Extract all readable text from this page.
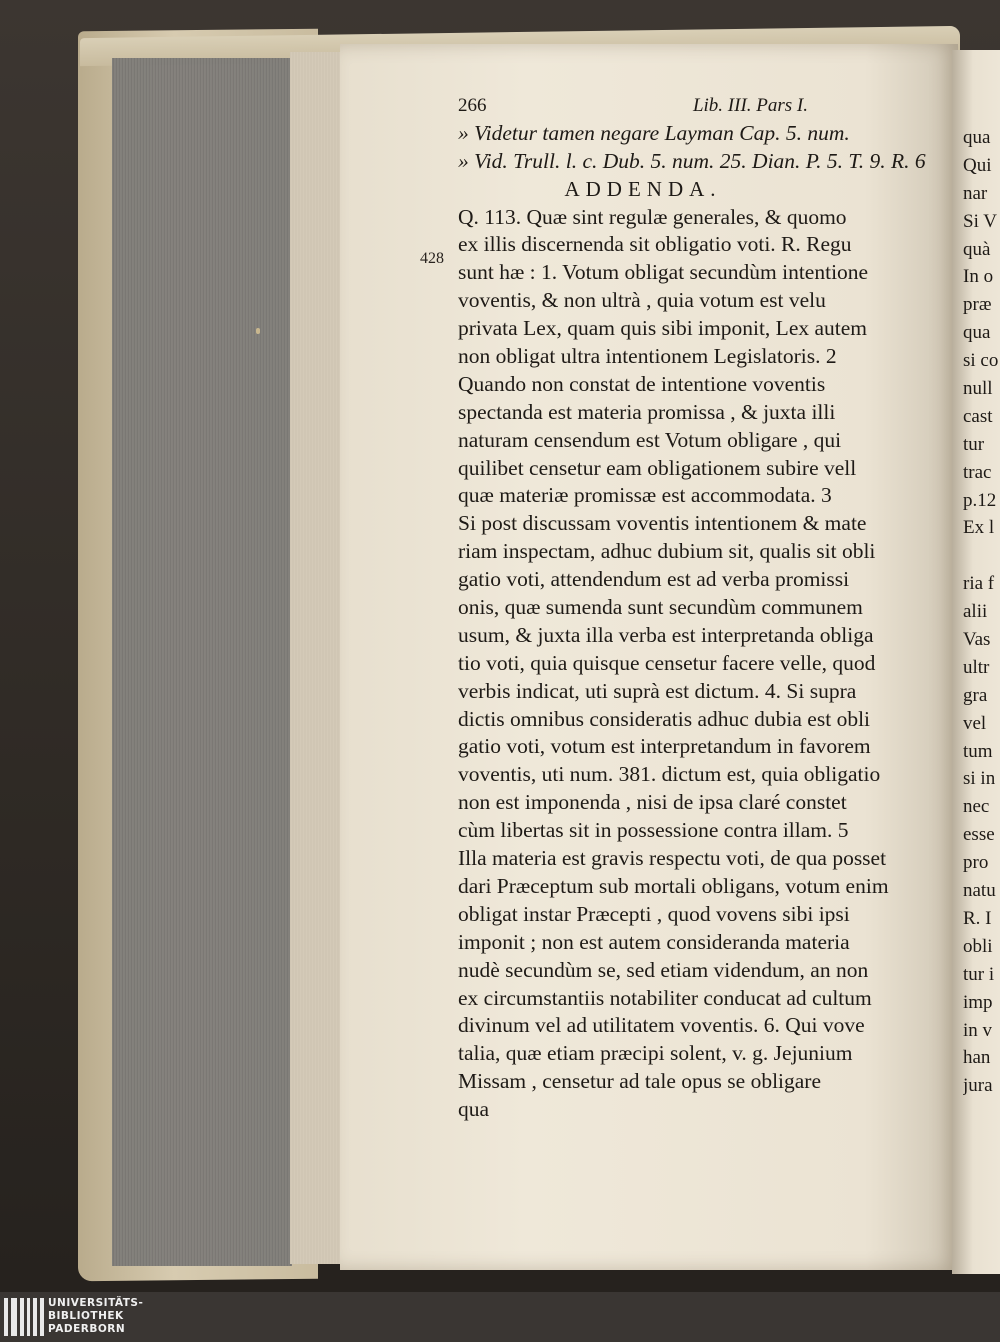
428
266	Lib. III. Pars I.
» Videtur tamen negare Layman Cap. 5. num.
» Vid. Trull. l. c. Dub. 5. num. 25. Dian. P. 5. T. 9. R. 6
ADDENDA.
Q. 113. Quæ sint regulæ generales, & quomo
ex illis discernenda sit obligatio voti. R. Regu
sunt hæ : 1. Votum obligat secundùm intentione
voventis, & non ultrà , quia votum est velu
privata Lex, quam quis sibi imponit, Lex autem
non obligat ultra intentionem Legislatoris. 2
Quando non constat de intentione voventis
spectanda est materia promissa , & juxta illi
naturam censendum est Votum obligare , qui
quilibet censetur eam obligationem subire vell
quæ materiæ promissæ est accommodata. 3
Si post discussam voventis intentionem & mate
riam inspectam, adhuc dubium sit, qualis sit obli
gatio voti, attendendum est ad verba promissi
onis, quæ sumenda sunt secundùm communem
usum, & juxta illa verba est interpretanda obliga
tio voti, quia quisque censetur facere velle, quod
verbis indicat, uti suprà est dictum. 4. Si supra
dictis omnibus consideratis adhuc dubia est obli
gatio voti, votum est interpretandum in favorem
voventis, uti num. 381. dictum est, quia obligatio
non est imponenda , nisi de ipsa claré constet
cùm libertas sit in possessione contra illam. 5
Illa materia est gravis respectu voti, de qua posset
dari Præceptum sub mortali obligans, votum enim
obligat instar Præcepti , quod vovens sibi ipsi
imponit ; non est autem consideranda materia
nudè secundùm se, sed etiam videndum, an non
ex circumstantiis notabiliter conducat ad cultum
divinum vel ad utilitatem voventis. 6. Qui vove
talia, quæ etiam præcipi solent, v. g. Jejunium
Missam , censetur ad tale opus se obligare
qua
qua
Qui
nar
Si V
quà
In o
præ
qua
si co
null
cast
tur
trac
p.12
Ex l
ria f
alii
Vas
ultr
gra
vel
tum
si in
nec
esse
pro
natu
R. I
obli
tur i
imp
in v
han
jura
UNIVERSITÄTS-
BIBLIOTHEK
PADERBORN
